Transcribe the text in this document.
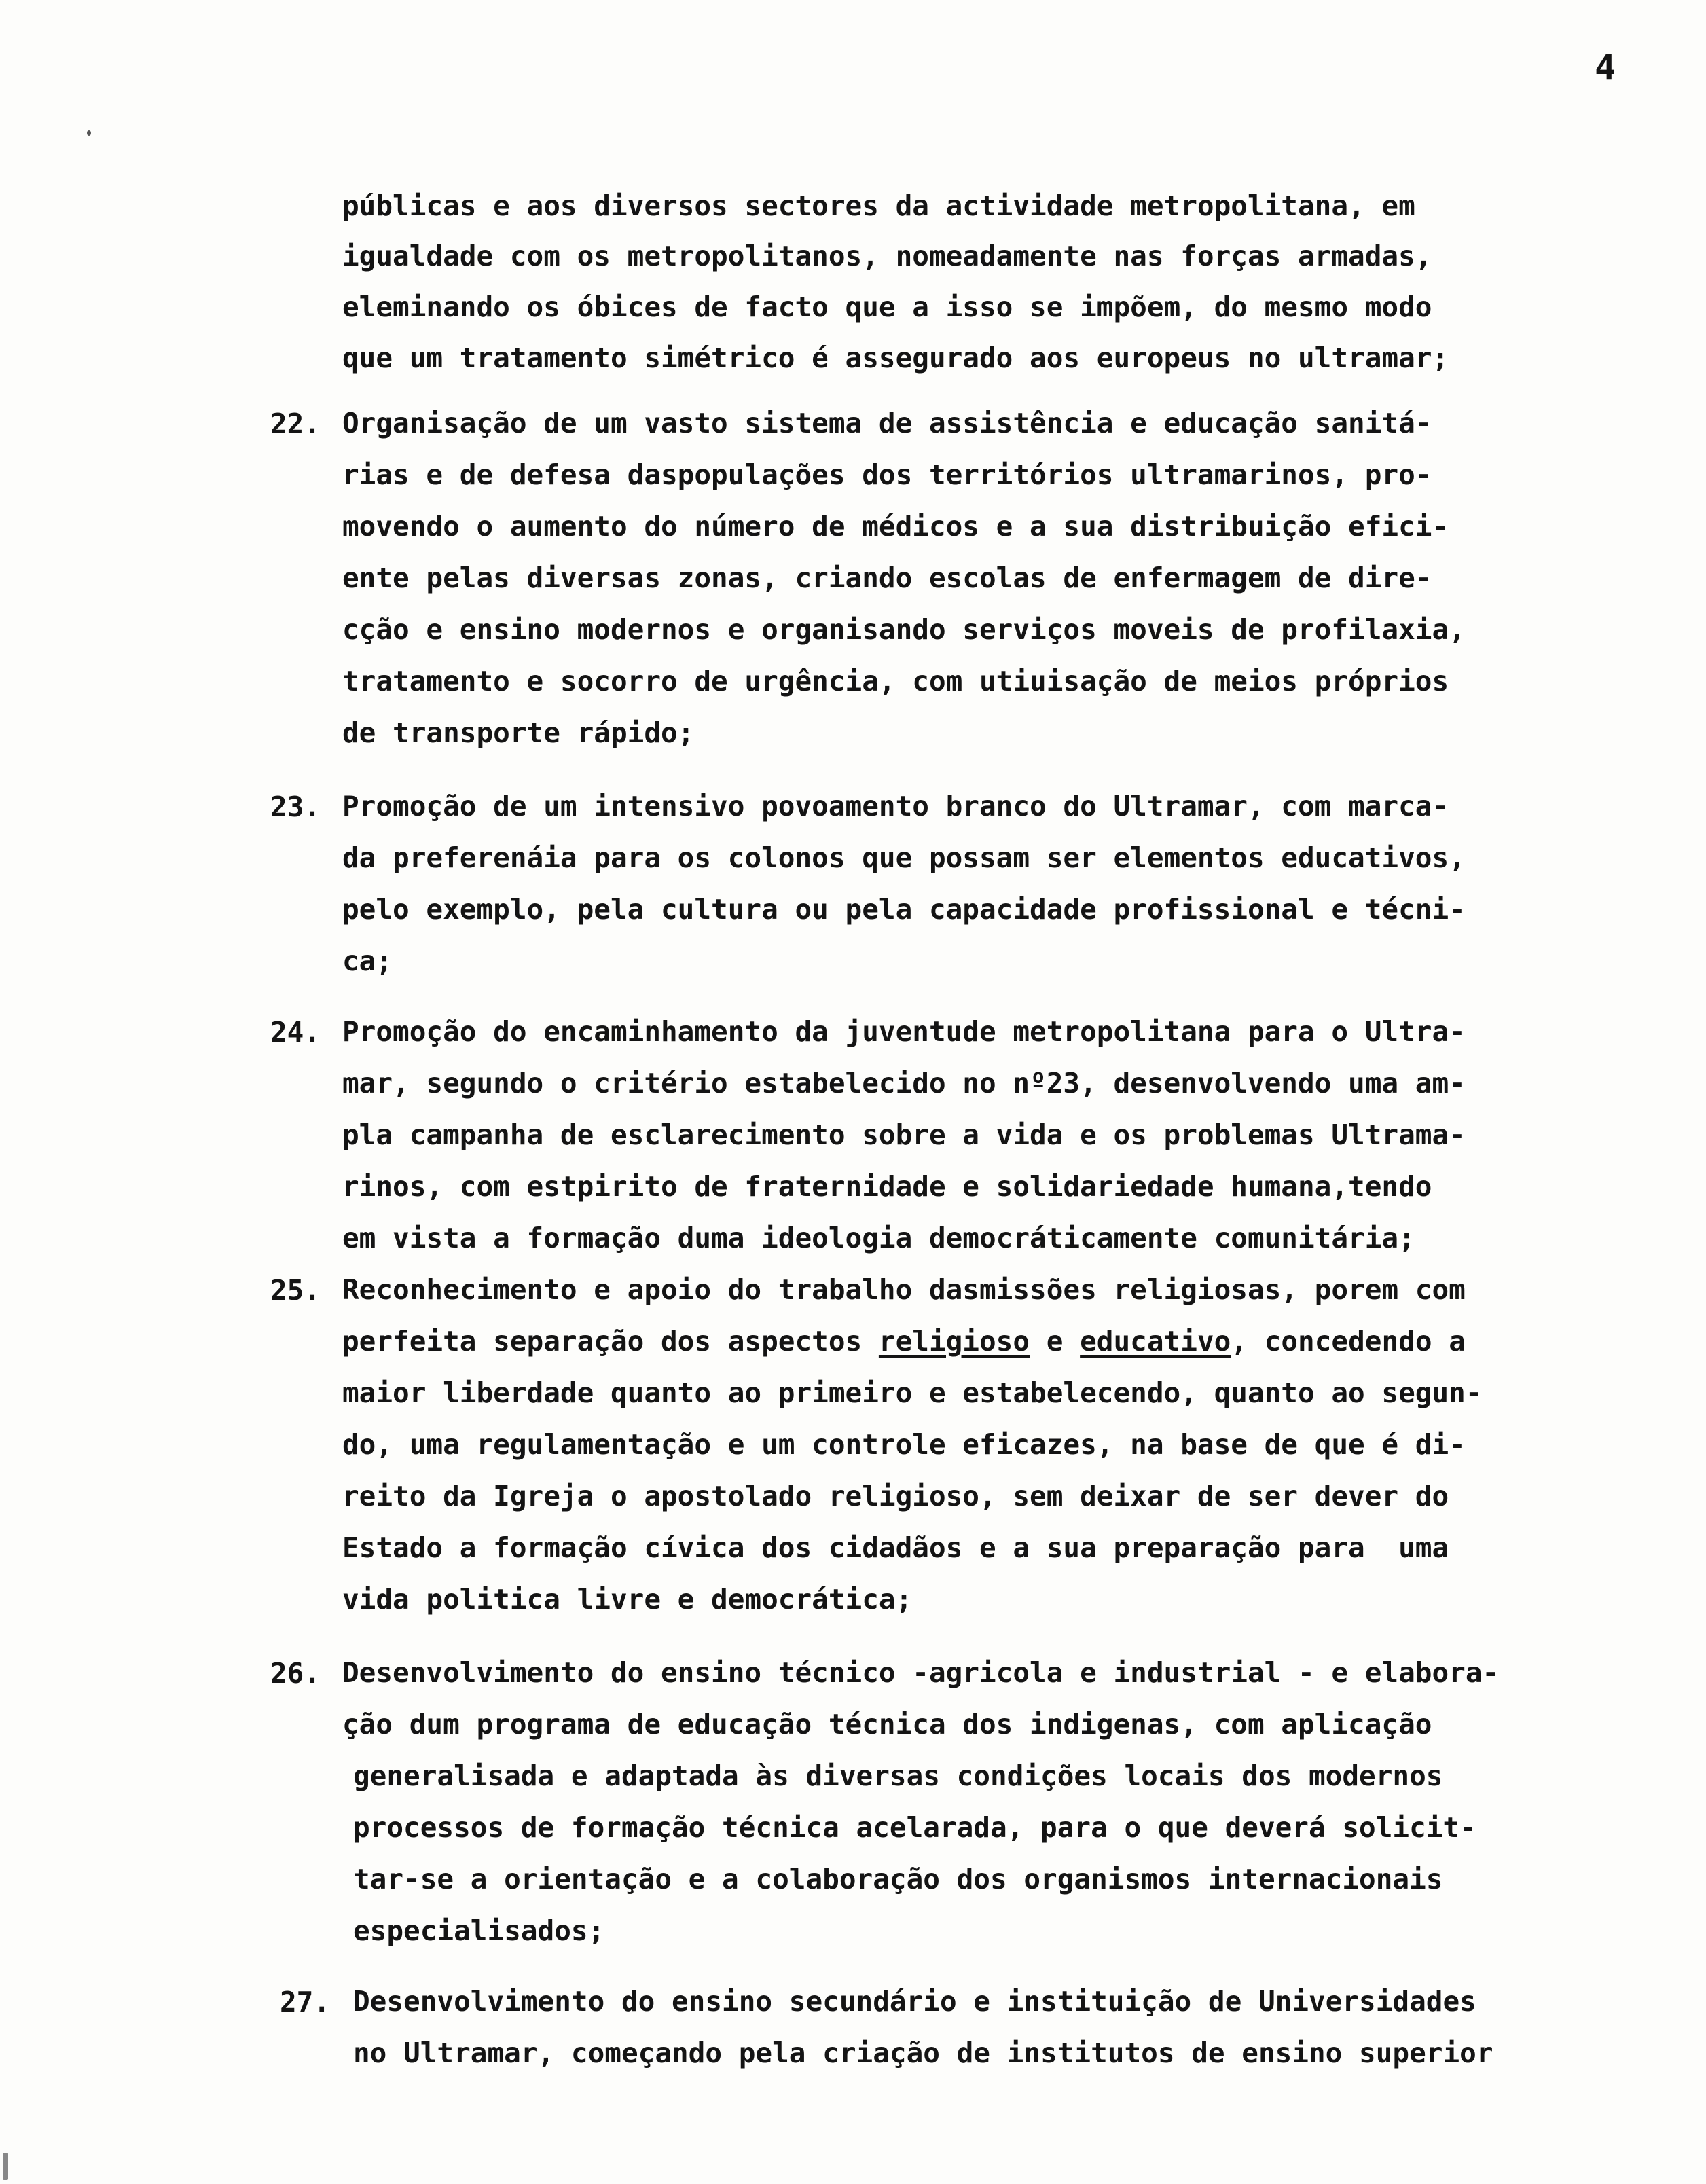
4
públicas e aos diversos sectores da actividade metropolitana, em
igualdade com os metropolitanos, nomeadamente nas forças armadas,
eleminando os óbices de facto que a isso se impõem, do mesmo modo
que um tratamento simétrico é assegurado aos europeus no ultramar;
22. Organisação de um vasto sistema de assistência e educação sanitá-
rias e de defesa daspopulações dos territórios ultramarinos, pro-
movendo o aumento do número de médicos e a sua distribuição efici-
ente pelas diversas zonas, criando escolas de enfermagem de dire-
cção e ensino modernos e organisando serviços moveis de profilaxia,
tratamento e socorro de urgência, com utiuisação de meios próprios
de transporte rápido;
23. Promoção de um intensivo povoamento branco do Ultramar, com marca-
da preferenáia para os colonos que possam ser elementos educativos,
pelo exemplo, pela cultura ou pela capacidade profissional e técni-
ca;
24. Promoção do encaminhamento da juventude metropolitana para o Ultra-
mar, segundo o critério estabelecido no nº23, desenvolvendo uma am-
pla campanha de esclarecimento sobre a vida e os problemas Ultrama-
rinos, com estpirito de fraternidade e solidariedade humana,tendo
em vista a formação duma ideologia democráticamente comunitária;
25. Reconhecimento e apoio do trabalho dasmissões religiosas, porem com
perfeita separação dos aspectos religioso e educativo, concedendo a
maior liberdade quanto ao primeiro e estabelecendo, quanto ao segun-
do, uma regulamentação e um controle eficazes, na base de que é di-
reito da Igreja o apostolado religioso, sem deixar de ser dever do
Estado a formação cívica dos cidadãos e a sua preparação para  uma
vida politica livre e democrática;
26. Desenvolvimento do ensino técnico -agricola e industrial - e elabora-
ção dum programa de educação técnica dos indigenas, com aplicação
generalisada e adaptada às diversas condições locais dos modernos
processos de formação técnica acelarada, para o que deverá solicit-
tar-se a orientação e a colaboração dos organismos internacionais
especialisados;
27. Desenvolvimento do ensino secundário e instituição de Universidades
no Ultramar, começando pela criação de institutos de ensino superior
